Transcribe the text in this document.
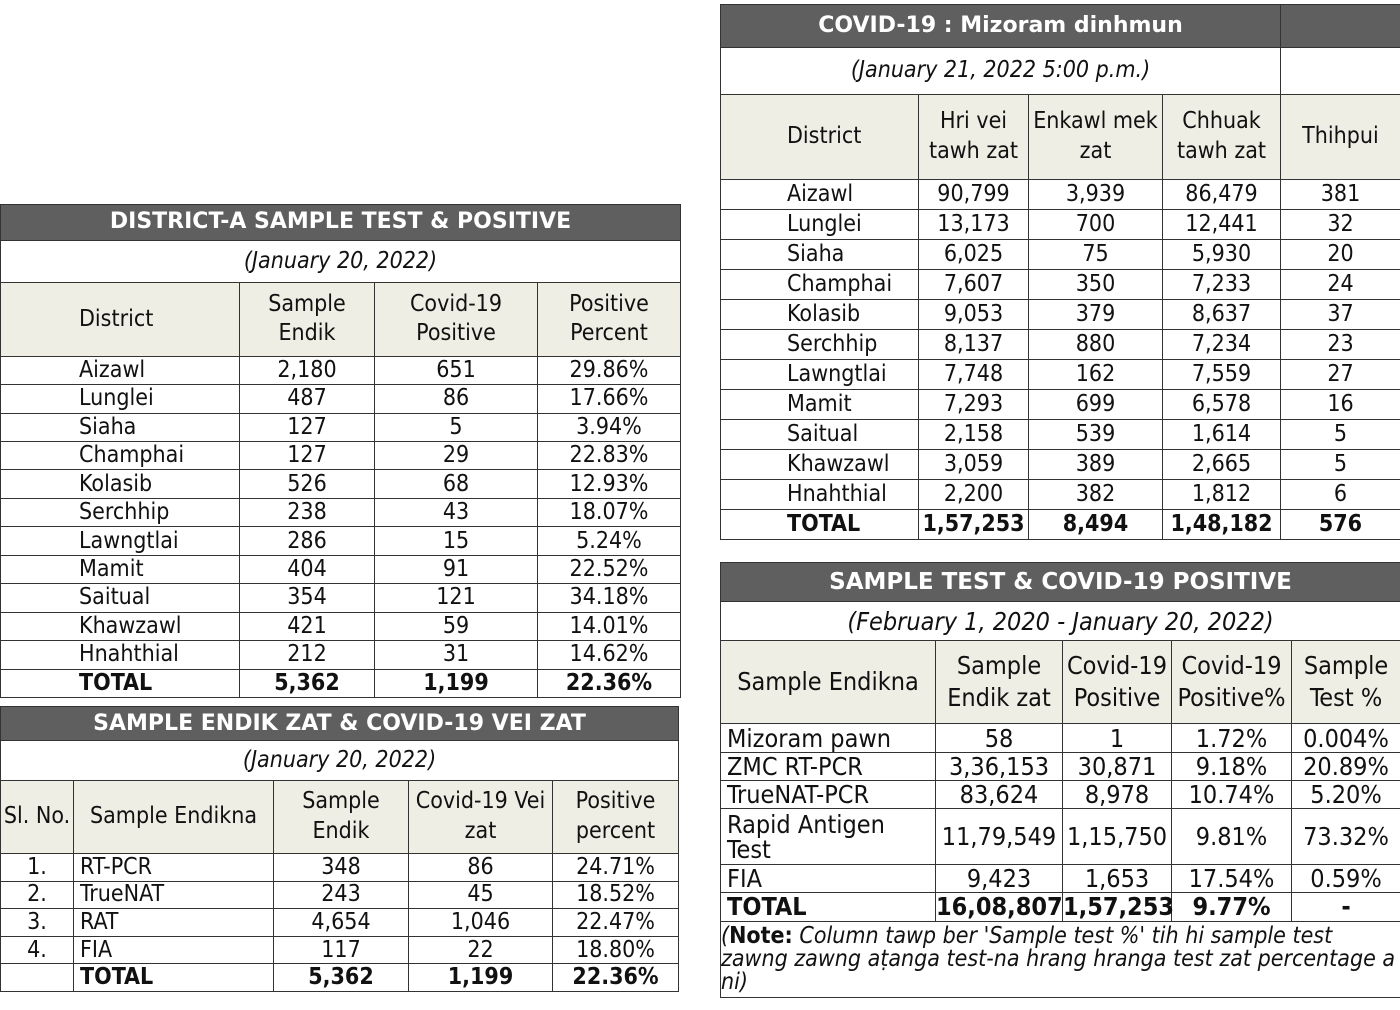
DISTRICT-A SAMPLE TEST & POSITIVE			
(January 20, 2022)			
District	Sample Endik	Covid-19 Positive	Positive Percent
Aizawl	2,180	651	29.86%
Lunglei	487	86	17.66%
Siaha	127	5	3.94%
Champhai	127	29	22.83%
Kolasib	526	68	12.93%
Serchhip	238	43	18.07%
Lawngtlai	286	15	5.24%
Mamit	404	91	22.52%
Saitual	354	121	34.18%
Khawzawl	421	59	14.01%
Hnahthial	212	31	14.62%
TOTAL	5,362	1,199	22.36%
SAMPLE ENDIK ZAT & COVID-19 VEI ZAT				
(January 20, 2022)				
Sl. No.	Sample Endikna	Sample Endik	Covid-19 Vei zat	Positive percent
1.	RT-PCR	348	86	24.71%
2.	TrueNAT	243	45	18.52%
3.	RAT	4,654	1,046	22.47%
4.	FIA	117	22	18.80%
	TOTAL	5,362	1,199	22.36%
COVID-19 : Mizoram dinhmun				
(January 21, 2022 5:00 p.m.)				
District	Hri vei tawh zat	Enkawl mek zat	Chhuak tawh zat	Thihpui
Aizawl	90,799	3,939	86,479	381
Lunglei	13,173	700	12,441	32
Siaha	6,025	75	5,930	20
Champhai	7,607	350	7,233	24
Kolasib	9,053	379	8,637	37
Serchhip	8,137	880	7,234	23
Lawngtlai	7,748	162	7,559	27
Mamit	7,293	699	6,578	16
Saitual	2,158	539	1,614	5
Khawzawl	3,059	389	2,665	5
Hnahthial	2,200	382	1,812	6
TOTAL	1,57,253	8,494	1,48,182	576
SAMPLE TEST & COVID-19 POSITIVE				
(February 1, 2020 - January 20, 2022)				
Sample Endikna	Sample Endik zat	Covid-19 Positive	Covid-19 Positive%	Sample Test %
Mizoram pawn	58	1	1.72%	0.004%
ZMC RT-PCR	3,36,153	30,871	9.18%	20.89%
TrueNAT-PCR	83,624	8,978	10.74%	5.20%
Rapid Antigen Test	11,79,549	1,15,750	9.81%	73.32%
FIA	9,423	1,653	17.54%	0.59%
TOTAL	16,08,807	1,57,253	9.77%	-
(Note: Column tawp ber 'Sample test %' tih hi sample test zawng zawng aṭanga test-na hrang hranga test zat percentage a ni)				
